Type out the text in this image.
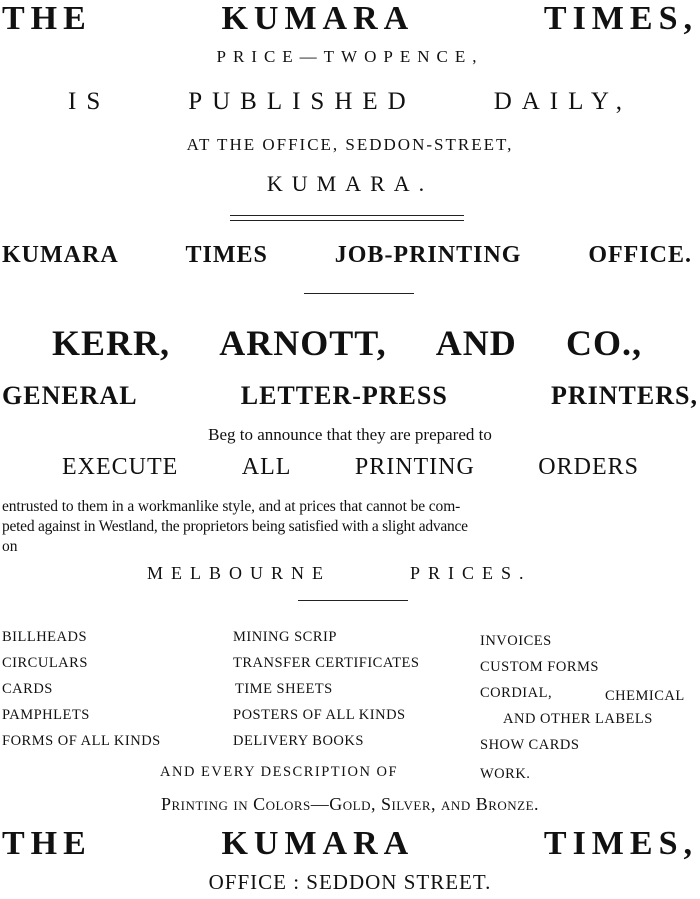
THE	KUMARA	TIMES,
PRICE—TWOPENCE,
IS	PUBLISHED	DAILY,
AT THE OFFICE, SEDDON-STREET,
KUMARA.
KUMARA	TIMES	JOB-PRINTING	OFFICE.
KERR, ARNOTT, AND CO.,
GENERAL	LETTER-PRESS	PRINTERS,
Beg to announce that they are prepared to
EXECUTE	ALL	PRINTING	ORDERS
entrusted to them in a workmanlike style, and at prices that cannot be com-
peted against in Westland, the proprietors being satisfied with a slight advance
on
MELBOURNE	PRICES.
BILLHEADS
CIRCULARS
CARDS
PAMPHLETS
FORMS OF ALL KINDS
MINING SCRIP
TRANSFER CERTIFICATES
TIME SHEETS
POSTERS OF ALL KINDS
DELIVERY BOOKS
INVOICES
CUSTOM FORMS
CORDIAL,	CHEMICAL
AND OTHER LABELS
SHOW CARDS
AND EVERY DESCRIPTION OF	WORK.
Printing in Colors—Gold, Silver, and Bronze.
THE	KUMARA	TIMES,
OFFICE : SEDDON STREET.
